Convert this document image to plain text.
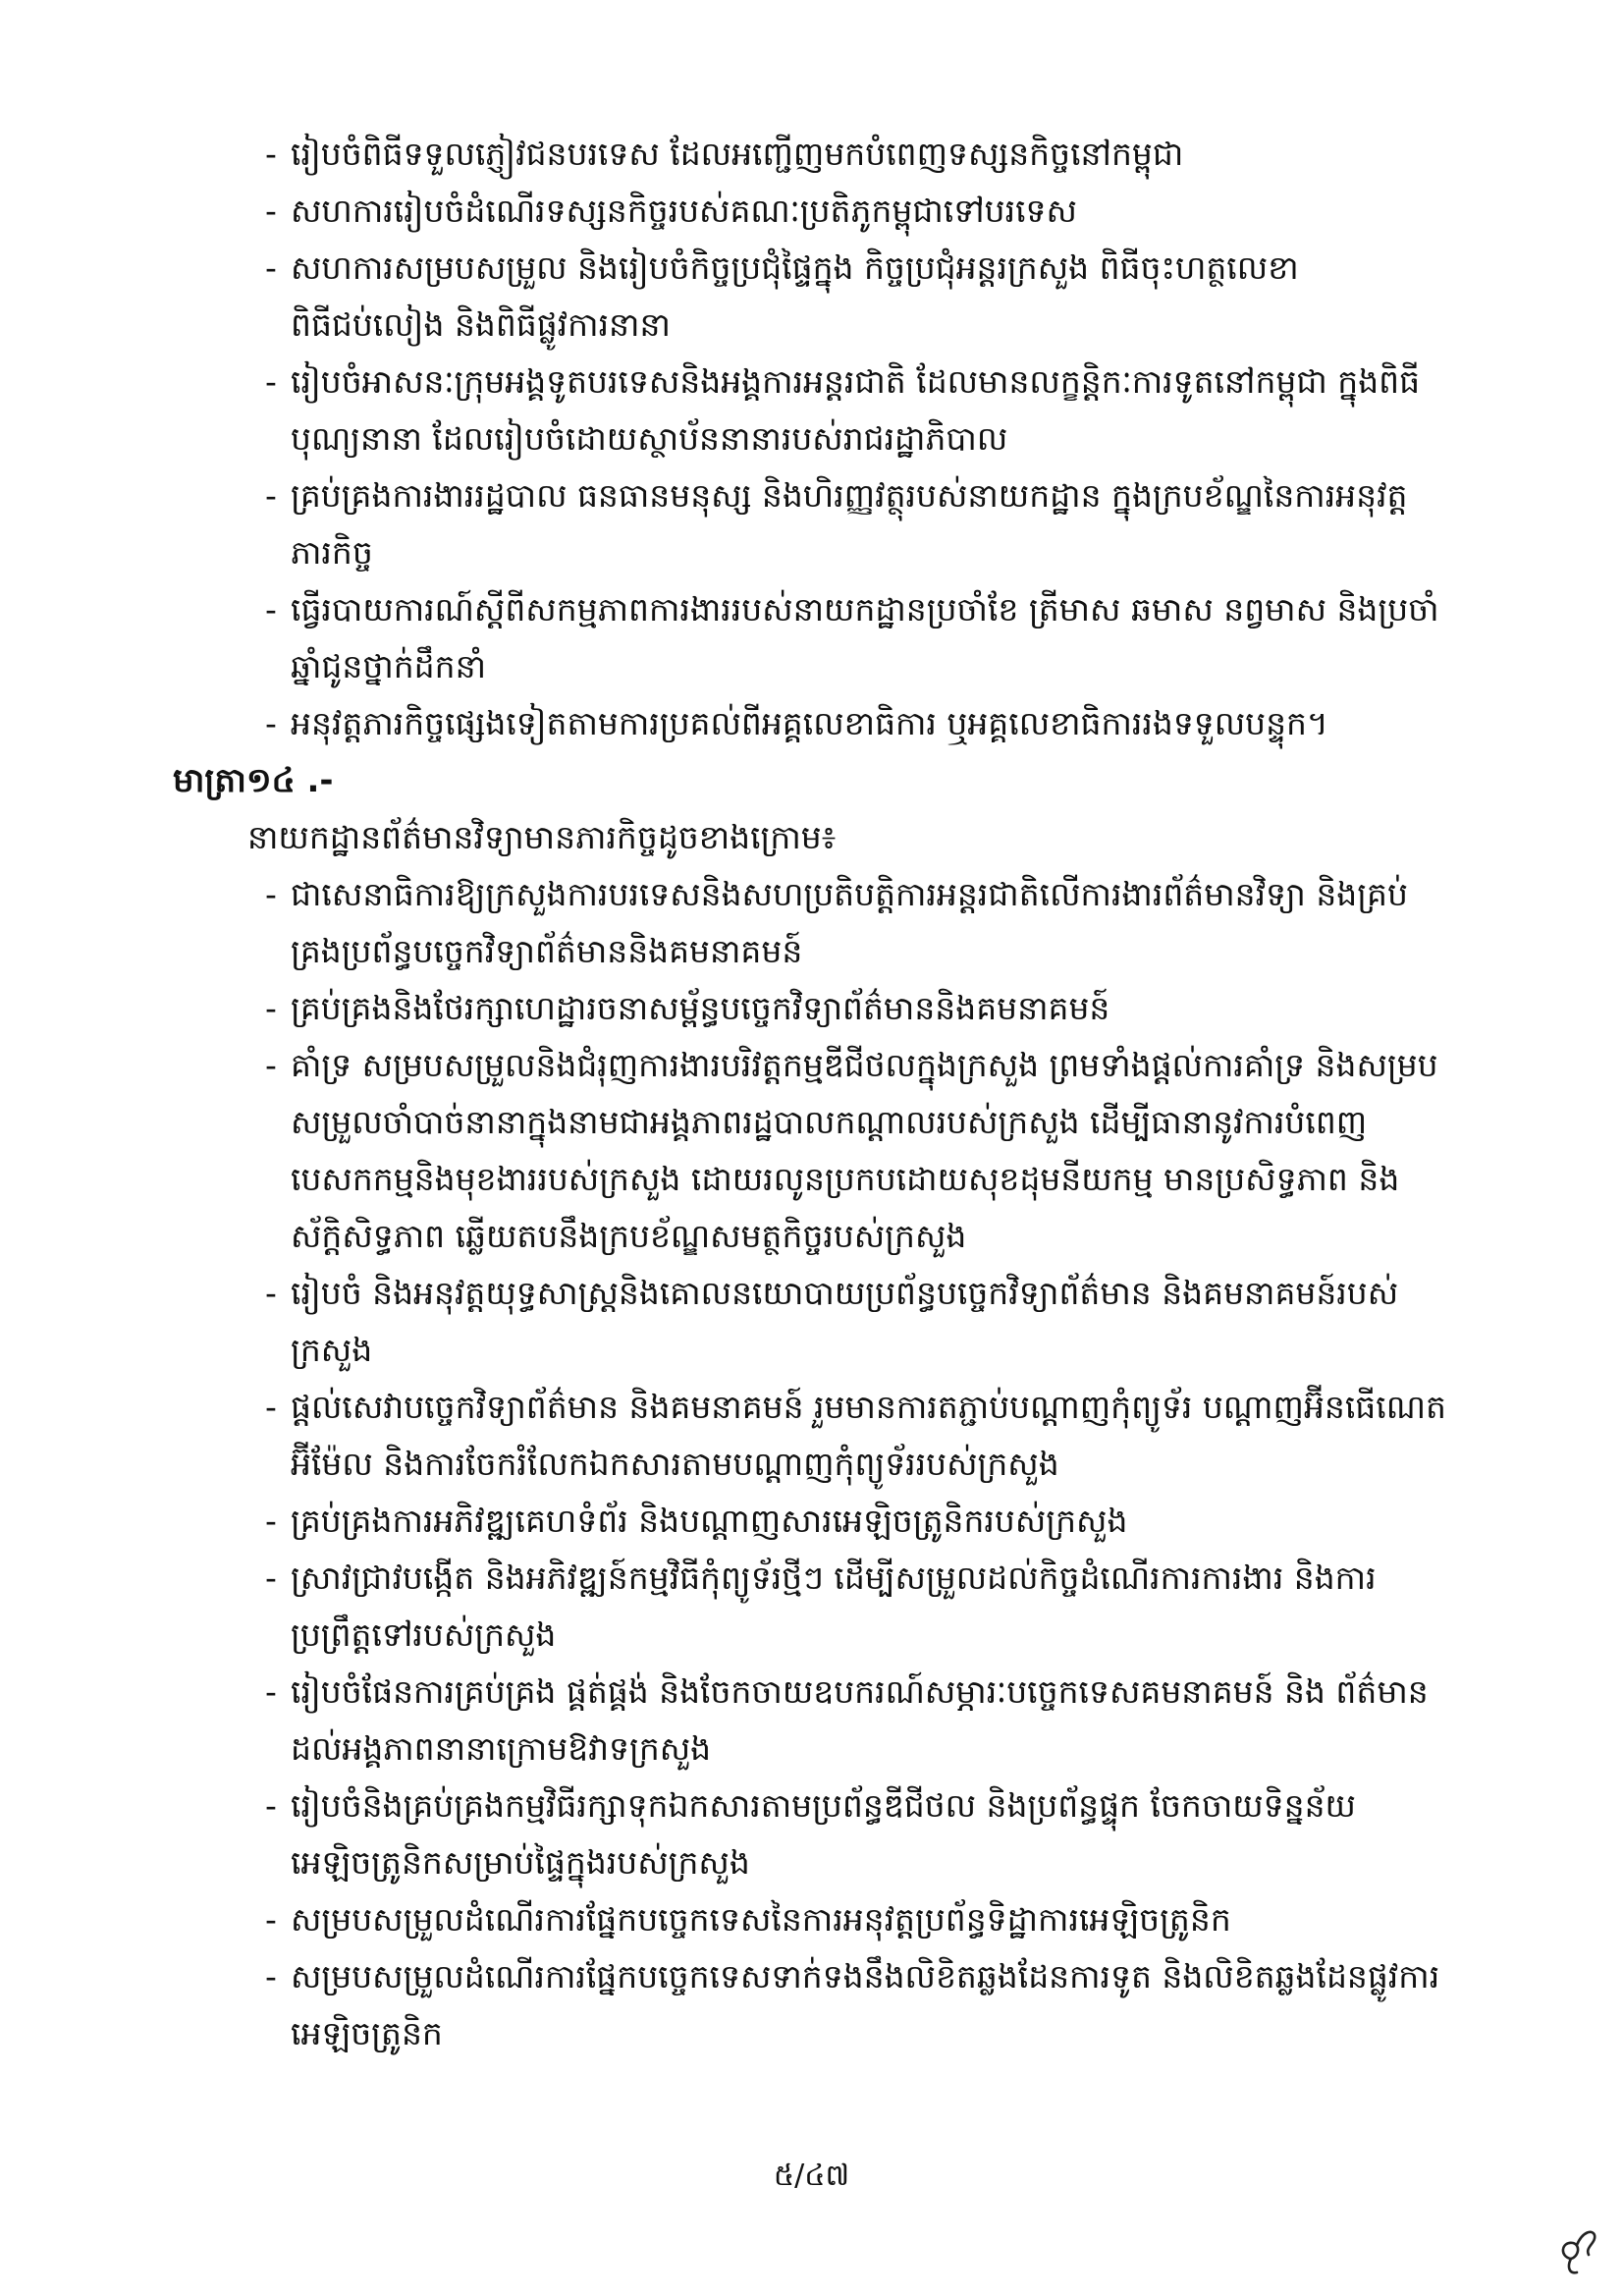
- រៀបចំពិធីទទួលភ្ញៀវជនបរទេស ដែលអញ្ជើញមកបំពេញទស្សនកិច្ចនៅកម្ពុជា
- សហការរៀបចំដំណើរទស្សនកិច្ចរបស់គណៈប្រតិភូកម្ពុជាទៅបរទេស
- សហការសម្របសម្រួល និងរៀបចំកិច្ចប្រជុំផ្ទៃក្នុង កិច្ចប្រជុំអន្តរក្រសួង ពិធីចុះហត្ថលេខា ពិធីជប់លៀង និងពិធីផ្លូវការនានា
- រៀបចំអាសនៈក្រុមអង្គទូតបរទេសនិងអង្គការអន្តរជាតិ ដែលមានលក្ខន្តិកៈការទូតនៅកម្ពុជា ក្នុងពិធីបុណ្យនានា ដែលរៀបចំដោយស្ថាប័ននានារបស់រាជរដ្ឋាភិបាល
- គ្រប់គ្រងការងាររដ្ឋបាល ធនធានមនុស្ស និងហិរញ្ញវត្ថុរបស់នាយកដ្ឋាន ក្នុងក្របខ័ណ្ឌនៃការអនុវត្តភារកិច្ច
- ធ្វើរបាយការណ៍ស្តីពីសកម្មភាពការងាររបស់នាយកដ្ឋានប្រចាំខែ ត្រីមាស ឆមាស នព្វមាស និងប្រចាំឆ្នាំជូនថ្នាក់ដឹកនាំ
- អនុវត្តភារកិច្ចផ្សេងទៀតតាមការប្រគល់ពីអគ្គលេខាធិការ ឬអគ្គលេខាធិការរងទទួលបន្ទុក។
មាត្រា១៤ .-
នាយកដ្ឋានព័ត៌មានវិទ្យាមានភារកិច្ចដូចខាងក្រោម៖
- ជាសេនាធិការឱ្យក្រសួងការបរទេសនិងសហប្រតិបត្តិការអន្តរជាតិលើការងារព័ត៌មានវិទ្យា និងគ្រប់គ្រងប្រព័ន្ធបច្ចេកវិទ្យាព័ត៌មាននិងគមនាគមន៍
- គ្រប់គ្រងនិងថែរក្សាហេដ្ឋារចនាសម្ព័ន្ធបច្ចេកវិទ្យាព័ត៌មាននិងគមនាគមន៍
- គាំទ្រ សម្របសម្រួលនិងជំរុញការងារបរិវត្តកម្មឌីជីថលក្នុងក្រសួង ព្រមទាំងផ្តល់ការគាំទ្រ និងសម្របសម្រួលចាំបាច់នានាក្នុងនាមជាអង្គភាពរដ្ឋបាលកណ្តាលរបស់ក្រសួង ដើម្បីធានានូវការបំពេញបេសកកម្មនិងមុខងាររបស់ក្រសួង ដោយរលូនប្រកបដោយសុខដុមនីយកម្ម មានប្រសិទ្ធភាព និងស័ក្តិសិទ្ធភាព ឆ្លើយតបនឹងក្របខ័ណ្ឌសមត្ថកិច្ចរបស់ក្រសួង
- រៀបចំ និងអនុវត្តយុទ្ធសាស្ត្រនិងគោលនយោបាយប្រព័ន្ធបច្ចេកវិទ្យាព័ត៌មាន និងគមនាគមន៍របស់ក្រសួង
- ផ្តល់សេវាបច្ចេកវិទ្យាព័ត៌មាន និងគមនាគមន៍ រួមមានការតភ្ជាប់បណ្តាញកុំព្យូទ័រ បណ្តាញអ៊ីនធើណេត អ៊ីម៉ែល និងការចែករំលែកឯកសារតាមបណ្តាញកុំព្យូទ័ររបស់ក្រសួង
- គ្រប់គ្រងការអភិវឌ្ឍគេហទំព័រ និងបណ្តាញសារអេឡិចត្រូនិករបស់ក្រសួង
- ស្រាវជ្រាវបង្កើត និងអភិវឌ្ឍន៍កម្មវិធីកុំព្យូទ័រថ្មីៗ ដើម្បីសម្រួលដល់កិច្ចដំណើរការការងារ និងការប្រព្រឹត្តទៅរបស់ក្រសួង
- រៀបចំផែនការគ្រប់គ្រង ផ្គត់ផ្គង់ និងចែកចាយឧបករណ៍សម្ភារៈបច្ចេកទេសគមនាគមន៍ និង ព័ត៌មានដល់អង្គភាពនានាក្រោមឱវាទក្រសួង
- រៀបចំនិងគ្រប់គ្រងកម្មវិធីរក្សាទុកឯកសារតាមប្រព័ន្ធឌីជីថល និងប្រព័ន្ធផ្ទុក ចែកចាយទិន្នន័យអេឡិចត្រូនិកសម្រាប់ផ្ទៃក្នុងរបស់ក្រសួង
- សម្របសម្រួលដំណើរការផ្នែកបច្ចេកទេសនៃការអនុវត្តប្រព័ន្ធទិដ្ឋាការអេឡិចត្រូនិក
- សម្របសម្រួលដំណើរការផ្នែកបច្ចេកទេសទាក់ទងនឹងលិខិតឆ្លងដែនការទូត និងលិខិតឆ្លងដែនផ្លូវការអេឡិចត្រូនិក
៥/៤៧
